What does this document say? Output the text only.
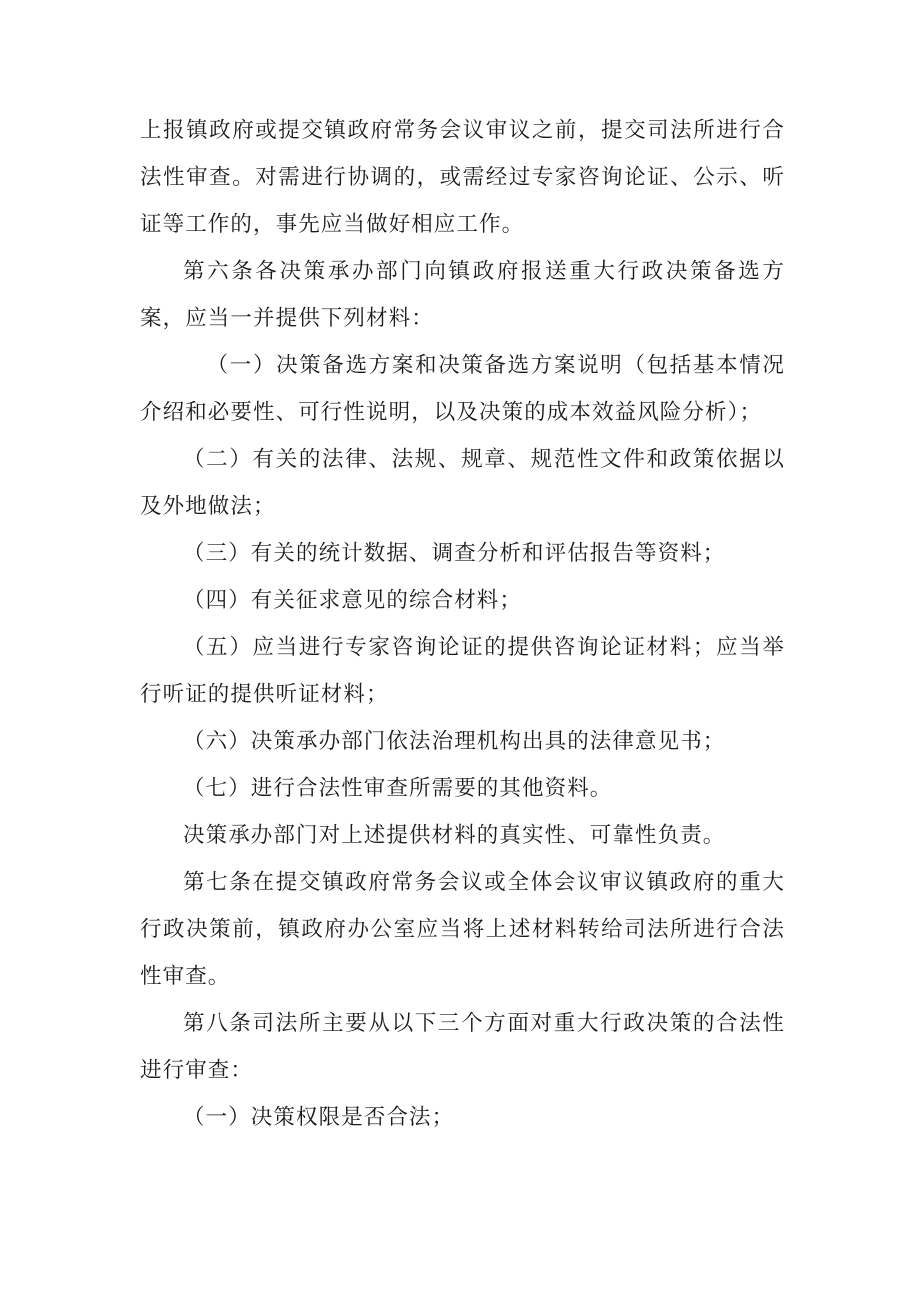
上报镇政府或提交镇政府常务会议审议之前，提交司法所进行合法性审查。对需进行协调的，或需经过专家咨询论证、公示、听证等工作的，事先应当做好相应工作。

第六条各决策承办部门向镇政府报送重大行政决策备选方案，应当一并提供下列材料：

（一）决策备选方案和决策备选方案说明（包括基本情况介绍和必要性、可行性说明，以及决策的成本效益风险分析）；

（二）有关的法律、法规、规章、规范性文件和政策依据以及外地做法；

（三）有关的统计数据、调查分析和评估报告等资料；

（四）有关征求意见的综合材料；

（五）应当进行专家咨询论证的提供咨询论证材料；应当举行听证的提供听证材料；

（六）决策承办部门依法治理机构出具的法律意见书；

（七）进行合法性审查所需要的其他资料。

决策承办部门对上述提供材料的真实性、可靠性负责。

第七条在提交镇政府常务会议或全体会议审议镇政府的重大行政决策前，镇政府办公室应当将上述材料转给司法所进行合法性审查。

第八条司法所主要从以下三个方面对重大行政决策的合法性进行审查：

（一）决策权限是否合法；
